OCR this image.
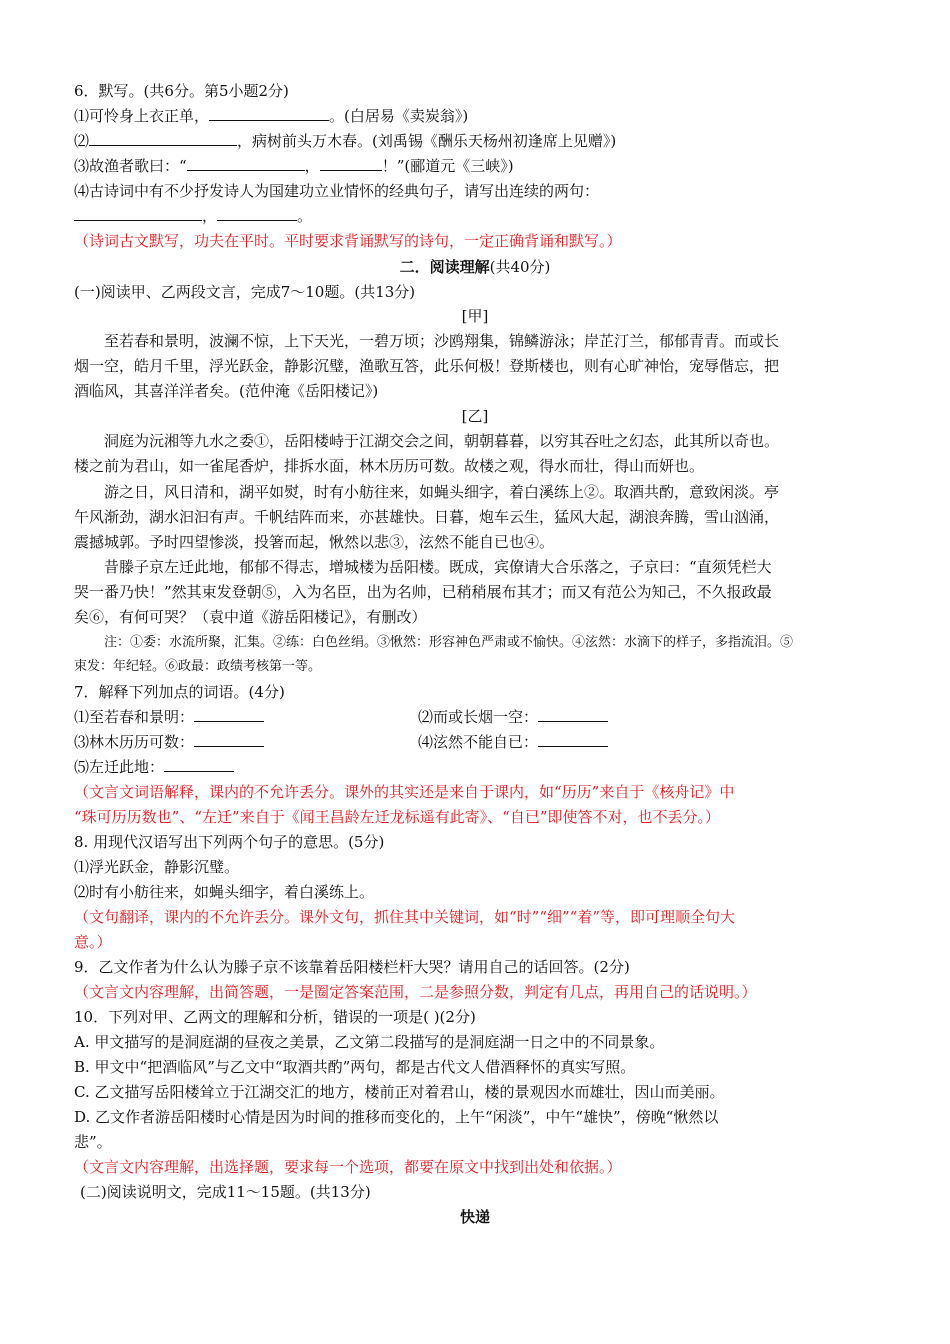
6．默写。(共6分。第5小题2分)
⑴可怜身上衣正单，	。(白居易《卖炭翁》)
⑵	，病树前头万木春。(刘禹锡《酬乐天杨州初逢席上见赠》)
⑶故渔者歌曰：“	，	！”(郦道元《三峡》)
⑷古诗词中有不少抒发诗人为国建功立业情怀的经典句子，请写出连续的两句：
，	。
（诗词古文默写，功夫在平时。平时要求背诵默写的诗句，一定正确背诵和默写。）
二．阅读理解(共40分)
(一)阅读甲、乙两段文言，完成7～10题。(共13分)
[甲]
至若春和景明，波澜不惊，上下天光，一碧万顷；沙鸥翔集，锦鳞游泳；岸芷汀兰，郁郁青青。而或长
烟一空，皓月千里，浮光跃金，静影沉璧，渔歌互答，此乐何极！登斯楼也，则有心旷神怡，宠辱偕忘，把
酒临风，其喜洋洋者矣。(范仲淹《岳阳楼记》)
[乙]
洞庭为沅湘等九水之委①，岳阳楼峙于江湖交会之间，朝朝暮暮，以穷其吞吐之幻态，此其所以奇也。
楼之前为君山，如一雀尾香炉，排拆水面，林木历历可数。故楼之观，得水而壮，得山而妍也。
游之日，风日清和，湖平如熨，时有小舫往来，如蝇头细字，着白溪练上②。取酒共酌，意致闲淡。亭
午风渐劲，湖水汩汩有声。千帆结阵而来，亦甚雄快。日暮，炮车云生，猛风大起，湖浪奔腾，雪山汹涌，
震撼城郭。予时四望惨淡，投箸而起，愀然以悲③，泫然不能自已也④。
昔滕子京左迁此地，郁郁不得志，增城楼为岳阳楼。既成，宾僚请大合乐落之，子京曰：“直须凭栏大
哭一番乃快！”然其束发登朝⑤，入为名臣，出为名帅，已稍稍展布其才；而又有范公为知己，不久报政最
矣⑥，有何可哭？（袁中道《游岳阳楼记》，有删改）
注：①委：水流所聚，汇集。②练：白色丝绢。③愀然：形容神色严肃或不愉快。④泫然：水滴下的样子，多指流泪。⑤
束发：年纪轻。⑥政最：政绩考核第一等。
7．解释下列加点的词语。(4分)
⑴至若春和景明：	⑵而或长烟一空：
⑶林木历历可数：	⑷泫然不能自已：
⑸左迁此地：
（文言文词语解释，课内的不允许丢分。课外的其实还是来自于课内，如“历历”来自于《核舟记》中
“珠可历历数也”、“左迁”来自于《闻王昌龄左迁龙标遥有此寄》、“自已”即使答不对，也不丢分。）
8. 用现代汉语写出下列两个句子的意思。(5分)
⑴浮光跃金，静影沉璧。
⑵时有小舫往来，如蝇头细字，着白溪练上。
（文句翻译，课内的不允许丢分。课外文句，抓住其中关键词，如“时”“细”“着”等，即可理顺全句大
意。）
9．乙文作者为什么认为滕子京不该靠着岳阳楼栏杆大哭？请用自己的话回答。(2分)
（文言文内容理解，出简答题，一是圈定答案范围，二是参照分数，判定有几点，再用自己的话说明。）
10．下列对甲、乙两文的理解和分析，错误的一项是( )(2分)
A. 甲文描写的是洞庭湖的昼夜之美景，乙文第二段描写的是洞庭湖一日之中的不同景象。
B. 甲文中“把酒临风”与乙文中“取酒共酌”两句，都是古代文人借酒释怀的真实写照。
C. 乙文描写岳阳楼耸立于江湖交汇的地方，楼前正对着君山，楼的景观因水而雄壮，因山而美丽。
D. 乙文作者游岳阳楼时心情是因为时间的推移而变化的，上午“闲淡”，中午“雄快”，傍晚“愀然以
悲”。
（文言文内容理解，出选择题，要求每一个选项，都要在原文中找到出处和依据。）
(二)阅读说明文，完成11～15题。(共13分)
快递
